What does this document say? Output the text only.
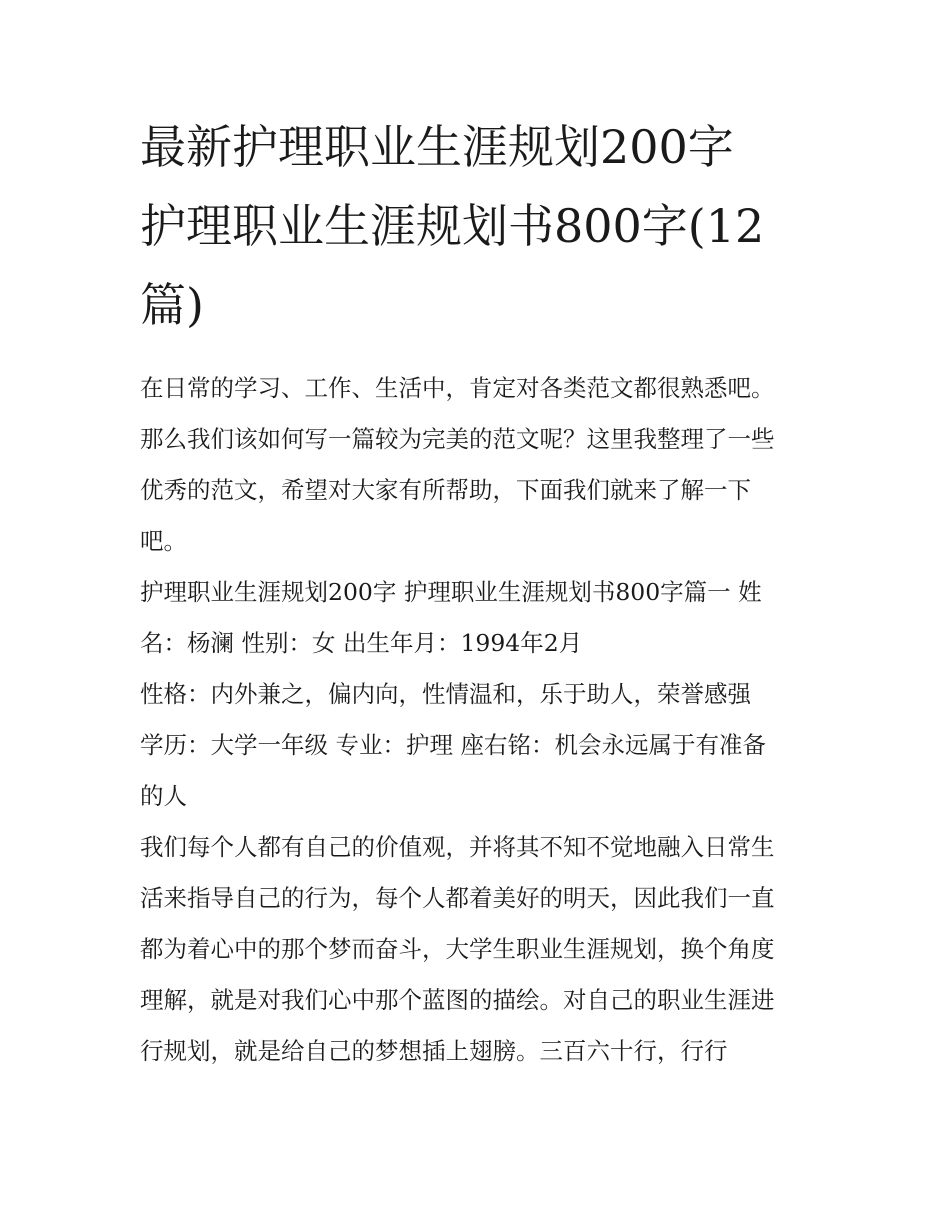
最新护理职业生涯规划200字
护理职业生涯规划书800字(12
篇)

在日常的学习、工作、生活中，肯定对各类范文都很熟悉吧。
那么我们该如何写一篇较为完美的范文呢？这里我整理了一些
优秀的范文，希望对大家有所帮助，下面我们就来了解一下
吧。

护理职业生涯规划200字 护理职业生涯规划书800字篇一 姓
名：杨澜 性别：女 出生年月：1994年2月

性格：内外兼之，偏内向，性情温和，乐于助人，荣誉感强

学历：大学一年级 专业：护理 座右铭：机会永远属于有准备
的人

我们每个人都有自己的价值观，并将其不知不觉地融入日常生
活来指导自己的行为，每个人都着美好的明天，因此我们一直
都为着心中的那个梦而奋斗，大学生职业生涯规划，换个角度
理解，就是对我们心中那个蓝图的描绘。对自己的职业生涯进
行规划，就是给自己的梦想插上翅膀。三百六十行，行行
